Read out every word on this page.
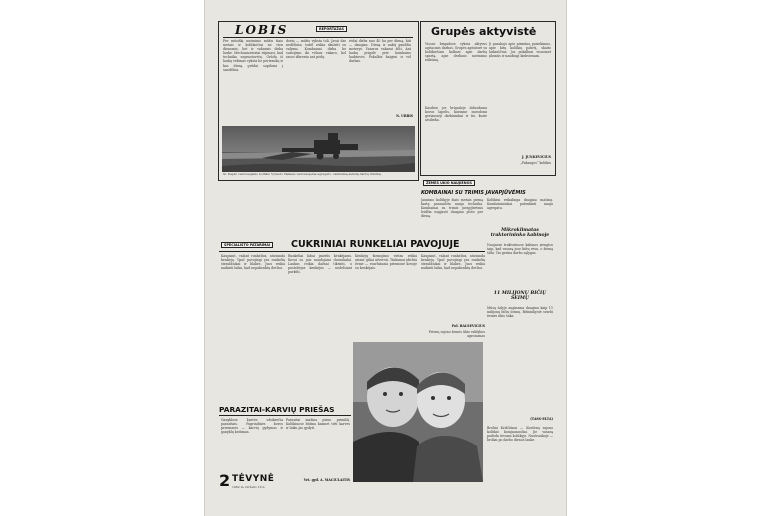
LOBIS	REPORTAŽAS
Per mūsiškį nuėmimo mūšis šiais metais ir kolūkiečiai ne vien dienomis, bet ir vakarais dirba lauke. Mechanizatoriai rūpinasi, kad technika neprastovėtų. Grūdų iš laukų vežimas vyksta be pertraukų ir kas dieną grūdai supilami į sandėlius.
dorių — mūšis vyksta toli. Javai dar nedžiūsta, todėl reikia skubėti su valymu. Kombainai dirba be sustojimo iki vėlaus vakaro, kol rasos iškrenta ant pėdų.
rėdai dirba nuo 40 ha per dieną, kiti — daugiau. Dieną ir naktį gaudžia moterys. Vasaros vakarai šilti. Ant laukų prigulė prie kombaino lauktuvės. Pokalbis baigėsi ir vėl darbas.
N. URBIS
Ši. Kapšo vadovaujamo kolūkio Vytauto Valkaus vadovaujama agregato, vadinamą aukštą darbų ritmiką.
Grupės aktyvistė
Visose brigadose vyksta aktyvus agitacinis darbas. Grupės agitatorė su kolūkiečiais kalbasi apie darbų spartą, apie derliaus nuėmimo reikšmę.
Ji pasakojo apie pirmūnų pasiekimus, apie kitų kolūkių patirtį, skaito laikraščius. Jos pokalbiai visuomet įdomūs ir naudingi kiekvienam.
Kasdien jos brigadoje išduodama kovos lapelis, kuriame nurodomi geriausieji darbininkai ir tie, kurie atsilieka.
J. JUNKEVIČIUS
„Pažangos“ kolūkis
ŽEMĖS ŪKIO NAUJIENOS
KOMBAINAI SU TRIMIS JAVAPJŪVĖMIS
Jaunimo kolūkyje šiais metais pirmą kartą panaudota nauja technika. Kombainai su trimis javapjūvėmis leidžia nupjauti daugiau ploto per dieną.
Kolūkiui reikalinga daugiau mašinų. Kombainininkai patenkinti nauju agregatu.
Mikroklimatas traktorininko kabinoje
Naujuose traktoriuose kabinos įrengtos taip, kad vasarą jose būtų vėsu, o žiemą šilta. Tai gerina darbo sąlygas.
11 MILIJONŲ BIČIŲ ŠEIMŲ
Mūsų šalyje auginama daugiau kaip 11 milijonų bičių šeimų. Bitininkystė svarbi žemės ūkio šaka.
(TASS-ELTA)
SPECIALISTO PATARIMAI	CUKRINIAI RUNKELIAI PAVOJUJE
Kaupiant, valant runkelius, atsiranda kenkėjų. Ypač pavojingi yra runkelių straubliukai ir blakės. Juos reikia naikinti laiku, kad nepakenktų derliui.
Runkeliai labai jautrūs kenkėjams. Kovai su jais naudojami chemikalai. Laukus reikia dažnai tikrinti, o pastebėjus kenkėjus — nedelsiant purkšti.
Kenkėjų žiemojimo vietas reikia ariant giliai užversti. Tinkamai įdirbta žemė — svarbiausia priemonė kovoje su kenkėjais.
Kaupiant, valant runkelius, atsiranda kenkėjų. Ypač pavojingi yra runkelių straubliukai ir blakės. Juos reikia naikinti laiku, kad nepakenktų derliui.
Pol. BALSEVIČIUS
Prienų rajono žemės ūkio valdybos agronomas
Broliai Kriščiūnai — Kuršėnų rajono kolūkio komjaunuoliai. Jie vasarą padeda tėvams kolūkyje. Nuotraukoje — broliai po darbo dienos lauke.
PARAZITAI-KARVIŲ PRIEŠAS
Ganyklose karvės užsikrečia parazitais. Pagrindinės kovos priemonės — karvių gydymas ir ganyklų keitimas.
Parazitai mažina pieno primilžį. Kolūkiuose būtina kasmet tirti karves ir laiku jas gydyti.
Vet. gyd. A. MACIULAITIS
2 TĖVYNĖ
1962 m. birželio 16 d.
